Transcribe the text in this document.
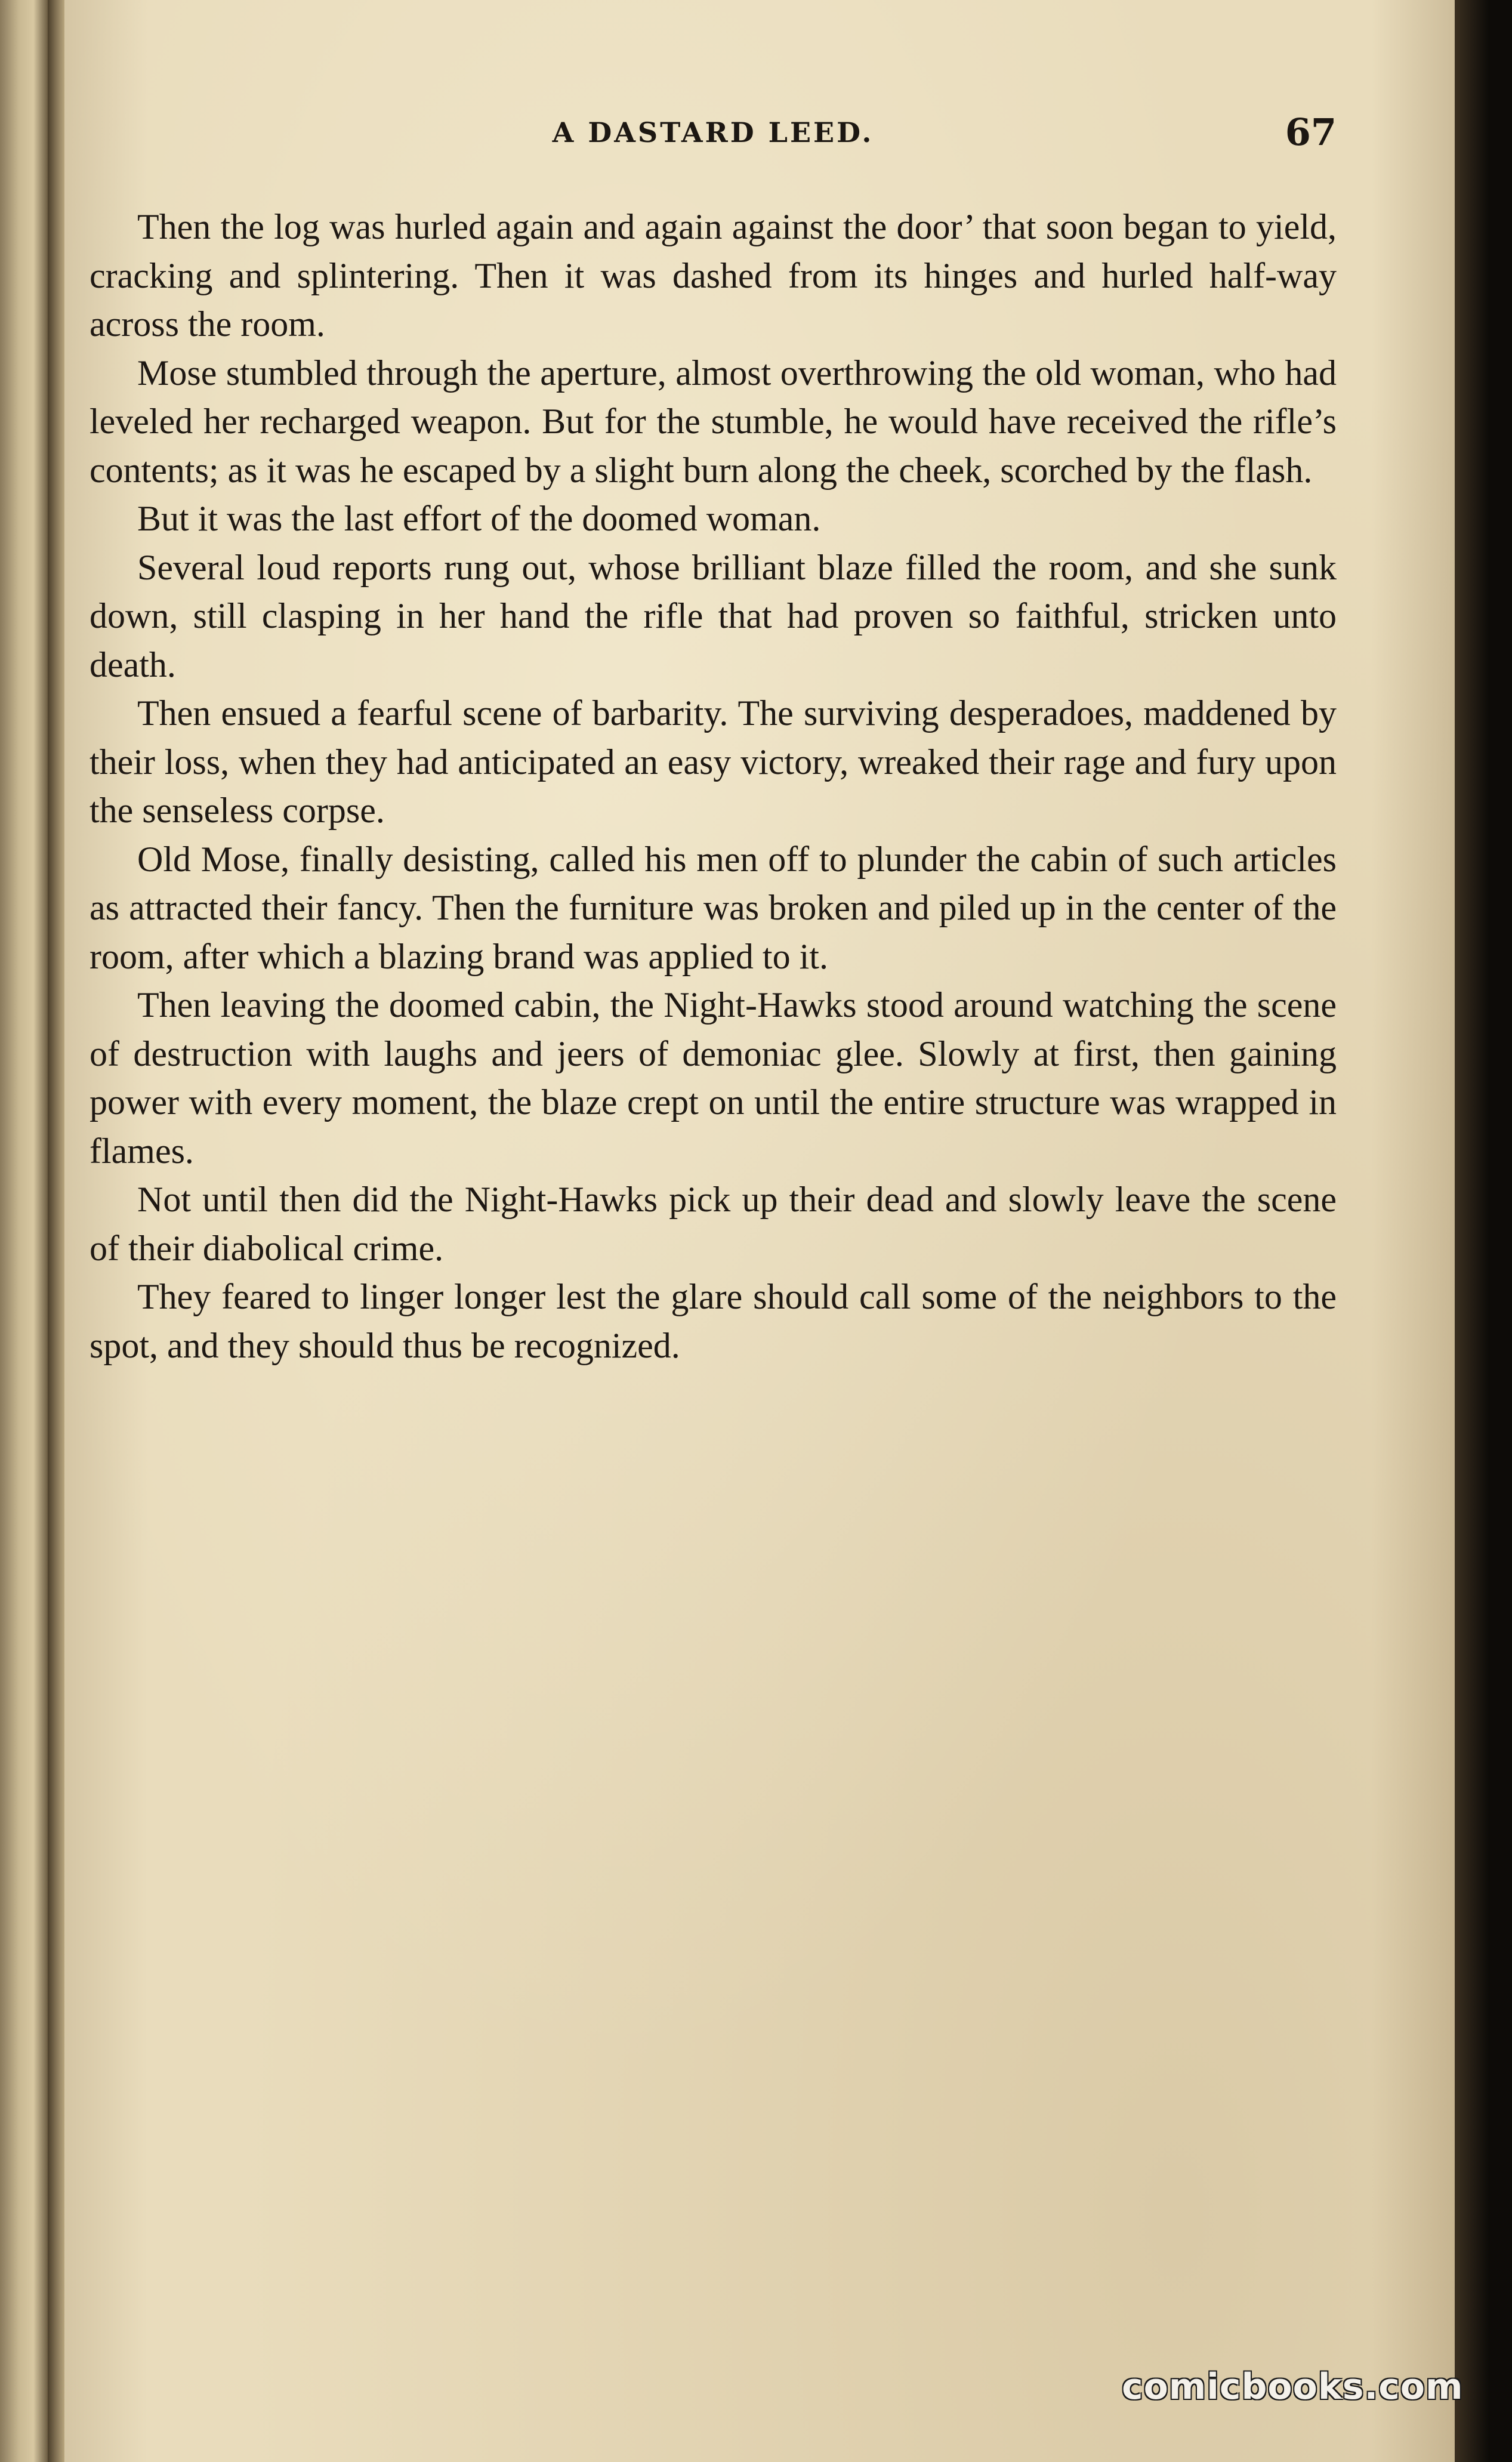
A DASTARD LEED.	67

Then the log was hurled again and again against the door’ that soon began to yield, cracking and splintering. Then it was dashed from its hinges and hurled half-way across the room.

Mose stumbled through the aperture, almost overthrowing the old woman, who had leveled her recharged weapon. But for the stumble, he would have received the rifle’s contents; as it was he escaped by a slight burn along the cheek, scorched by the flash.

But it was the last effort of the doomed woman.

Several loud reports rung out, whose brilliant blaze filled the room, and she sunk down, still clasping in her hand the rifle that had proven so faithful, stricken unto death.

Then ensued a fearful scene of barbarity. The surviving desperadoes, maddened by their loss, when they had anticipated an easy victory, wreaked their rage and fury upon the senseless corpse.

Old Mose, finally desisting, called his men off to plunder the cabin of such articles as attracted their fancy. Then the furniture was broken and piled up in the center of the room, after which a blazing brand was applied to it.

Then leaving the doomed cabin, the Night-Hawks stood around watching the scene of destruction with laughs and jeers of demoniac glee. Slowly at first, then gaining power with every moment, the blaze crept on until the entire structure was wrapped in flames.

Not until then did the Night-Hawks pick up their dead and slowly leave the scene of their diabolical crime.

They feared to linger longer lest the glare should call some of the neighbors to the spot, and they should thus be recognized.

comicbooks.com
